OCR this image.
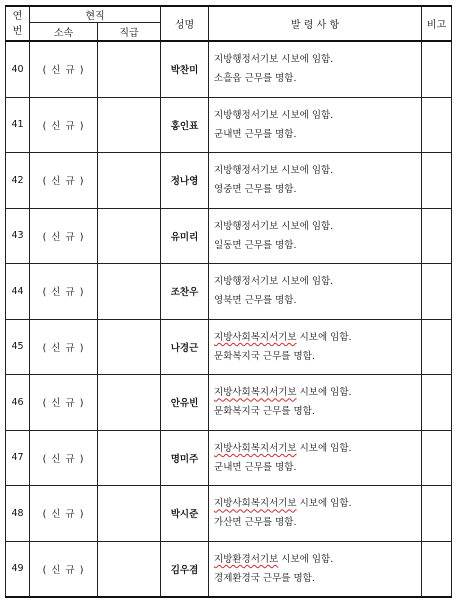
연
번	현직		성명	발 령 사 항	비고
	소속	직급			
40	( 신 규 )		박찬미	지방행정서기보 시보에 임함.
소흘읍 근무를 명함.	

41	( 신 규 )		홍인표	지방행정서기보 시보에 임함.
군내면 근무를 명함.	

42	( 신 규 )		정나영	지방행정서기보 시보에 임함.
영중면 근무를 명함.	

43	( 신 규 )		유미리	지방행정서기보 시보에 임함.
일동면 근무를 명함.	

44	( 신 규 )		조찬우	지방행정서기보 시보에 임함.
영북면 근무를 명함.	

45	( 신 규 )		나경근	지방사회복지서기보 시보에 임함.
문화복지국 근무를 명함.	

46	( 신 규 )		안유빈	지방사회복지서기보 시보에 임함.
문화복지국 근무를 명함.	

47	( 신 규 )		명미주	지방사회복지서기보 시보에 임함.
군내면 근무를 명함.	

48	( 신 규 )		박시준	지방사회복지서기보 시보에 임함.
가산면 근무를 명함.	

49	( 신 규 )		김우겸	지방환경서기보 시보에 임함.
경제환경국 근무를 명함.	
